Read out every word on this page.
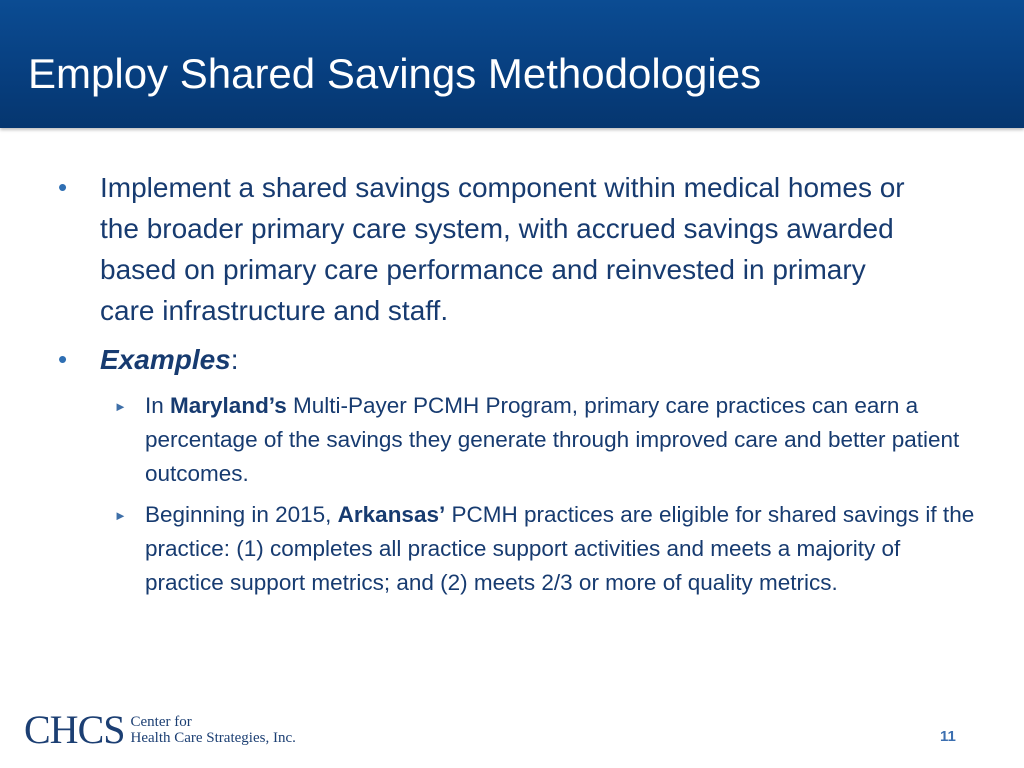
Employ Shared Savings Methodologies
• Implement a shared savings component within medical homes or the broader primary care system, with accrued savings awarded based on primary care performance and reinvested in primary care infrastructure and staff.
• Examples:
► In Maryland’s Multi-Payer PCMH Program, primary care practices can earn a percentage of the savings they generate through improved care and better patient outcomes.
► Beginning in 2015, Arkansas’ PCMH practices are eligible for shared savings if the practice: (1) completes all practice support activities and meets a majority of practice support metrics; and (2) meets 2/3 or more of quality metrics.
CHCS Center for
Health Care Strategies, Inc.	11
